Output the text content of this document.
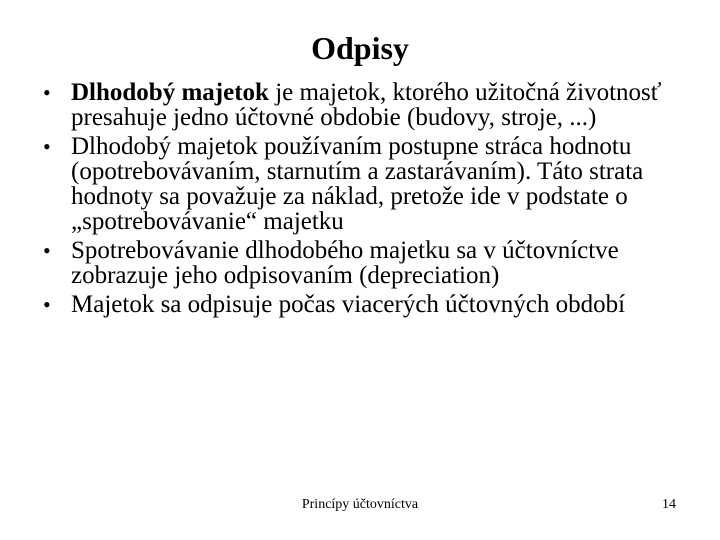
Odpisy
• Dlhodobý majetok je majetok, ktorého užitočná životnosť presahuje jedno účtovné obdobie (budovy, stroje, ...)
• Dlhodobý majetok používaním postupne stráca hodnotu (opotrebovávaním, starnutím a zastarávaním). Táto strata hodnoty sa považuje za náklad, pretože ide v podstate o „spotrebovávanie“ majetku
• Spotrebovávanie dlhodobého majetku sa v účtovníctve zobrazuje jeho odpisovaním (depreciation)
• Majetok sa odpisuje počas viacerých účtovných období
Princípy účtovníctva	14
